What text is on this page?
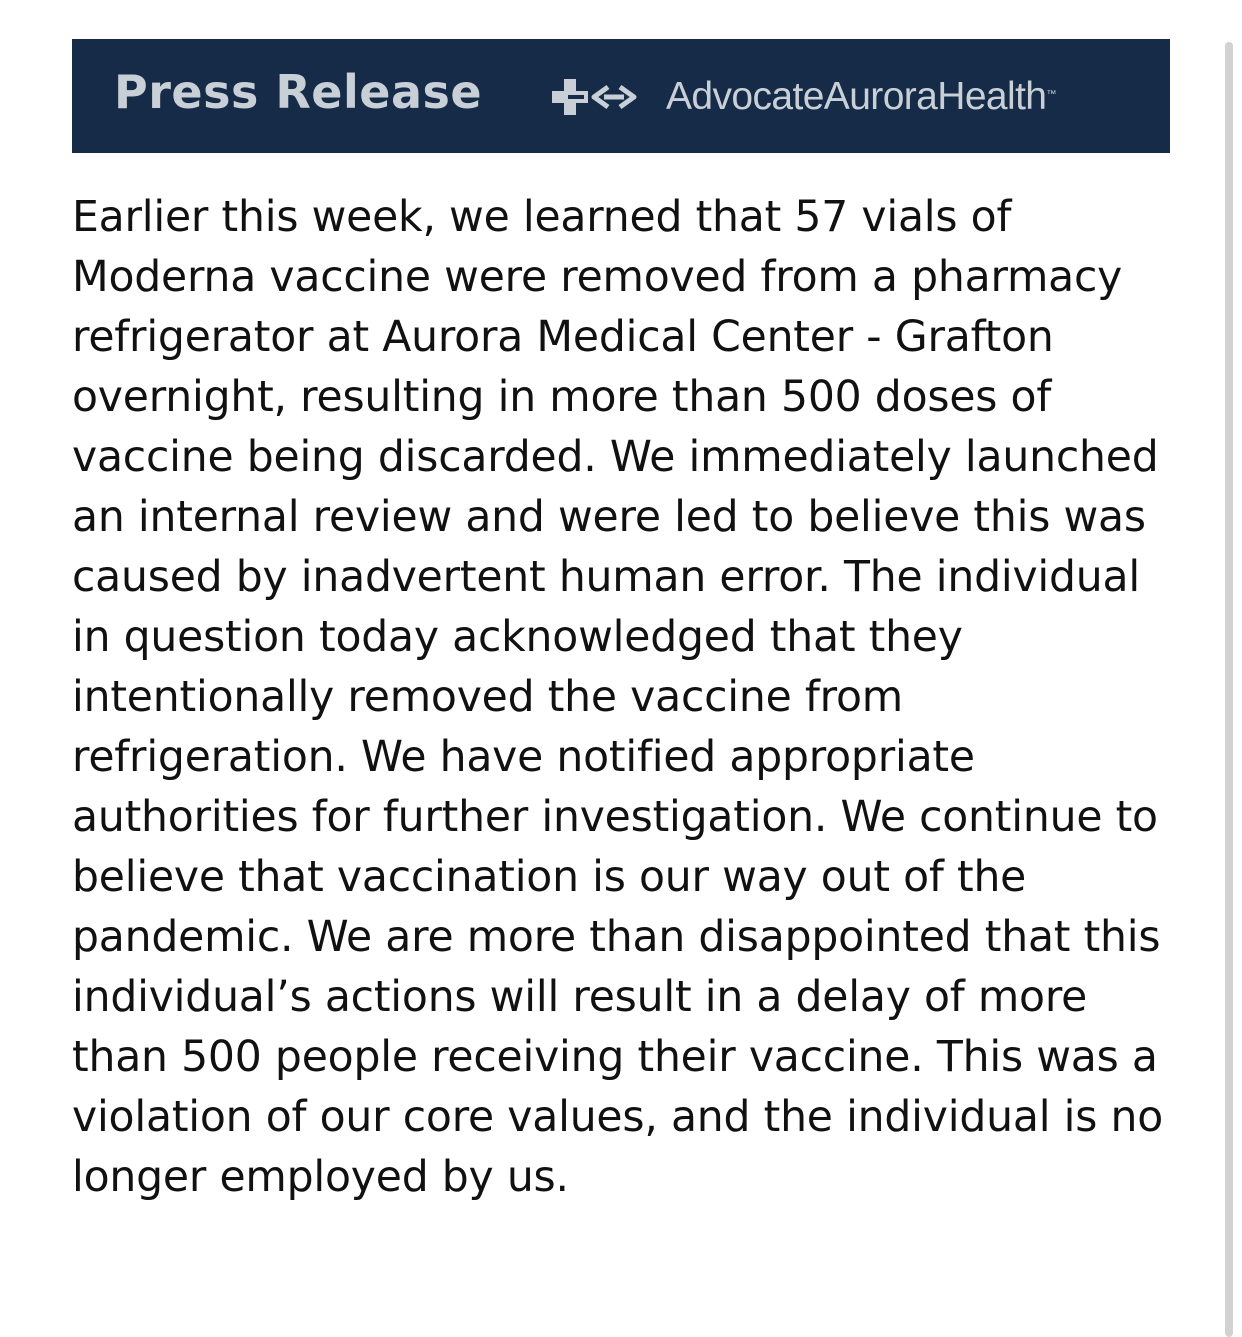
Press Release	AdvocateAuroraHealth ™

Earlier this week, we learned that 57 vials of Moderna vaccine were removed from a pharmacy refrigerator at Aurora Medical Center - Grafton overnight, resulting in more than 500 doses of vaccine being discarded. We immediately launched an internal review and were led to believe this was caused by inadvertent human error. The individual in question today acknowledged that they intentionally removed the vaccine from refrigeration. We have notified appropriate authorities for further investigation. We continue to believe that vaccination is our way out of the pandemic. We are more than disappointed that this individual’s actions will result in a delay of more than 500 people receiving their vaccine. This was a violation of our core values, and the individual is no longer employed by us.
